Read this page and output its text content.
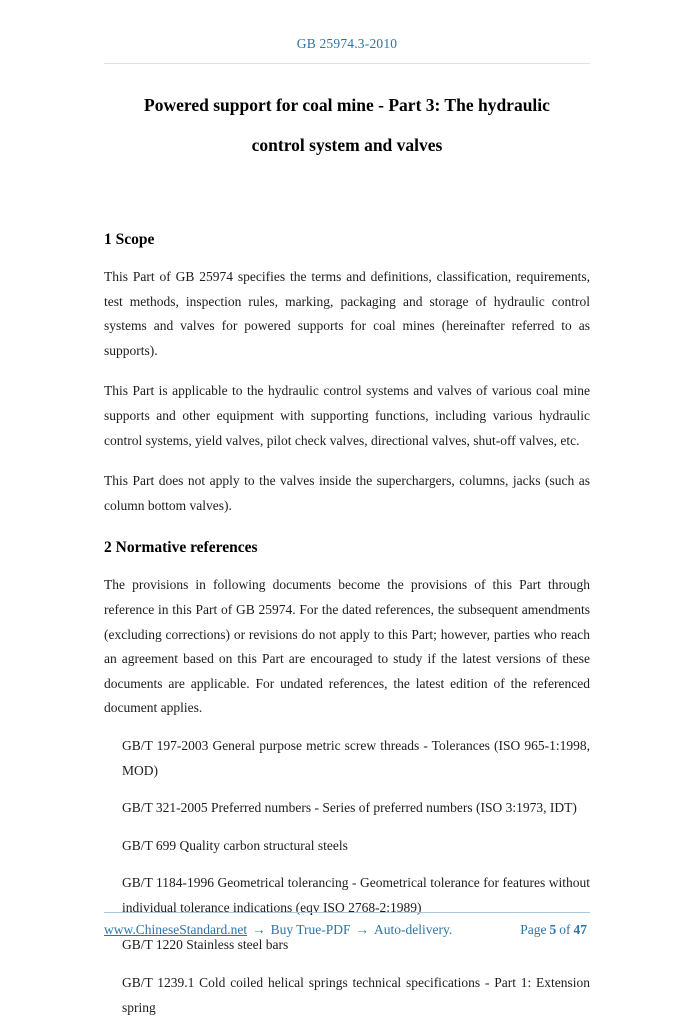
GB 25974.3-2010
Powered support for coal mine - Part 3: The hydraulic
control system and valves
1 Scope

This Part of GB 25974 specifies the terms and definitions, classification, requirements, test methods, inspection rules, marking, packaging and storage of hydraulic control systems and valves for powered supports for coal mines (hereinafter referred to as supports).

This Part is applicable to the hydraulic control systems and valves of various coal mine supports and other equipment with supporting functions, including various hydraulic control systems, yield valves, pilot check valves, directional valves, shut-off valves, etc.

This Part does not apply to the valves inside the superchargers, columns, jacks (such as column bottom valves).

2 Normative references

The provisions in following documents become the provisions of this Part through reference in this Part of GB 25974. For the dated references, the subsequent amendments (excluding corrections) or revisions do not apply to this Part; however, parties who reach an agreement based on this Part are encouraged to study if the latest versions of these documents are applicable. For undated references, the latest edition of the referenced document applies.

GB/T 197-2003 General purpose metric screw threads - Tolerances (ISO 965-1:1998, MOD)

GB/T 321-2005 Preferred numbers - Series of preferred numbers (ISO 3:1973, IDT)

GB/T 699 Quality carbon structural steels

GB/T 1184-1996 Geometrical tolerancing - Geometrical tolerance for features without individual tolerance indications (eqv ISO 2768-2:1989)

GB/T 1220 Stainless steel bars

GB/T 1239.1 Cold coiled helical springs technical specifications - Part 1: Extension spring

www.ChineseStandard.net → Buy True-PDF → Auto-delivery.	Page 5 of 47
